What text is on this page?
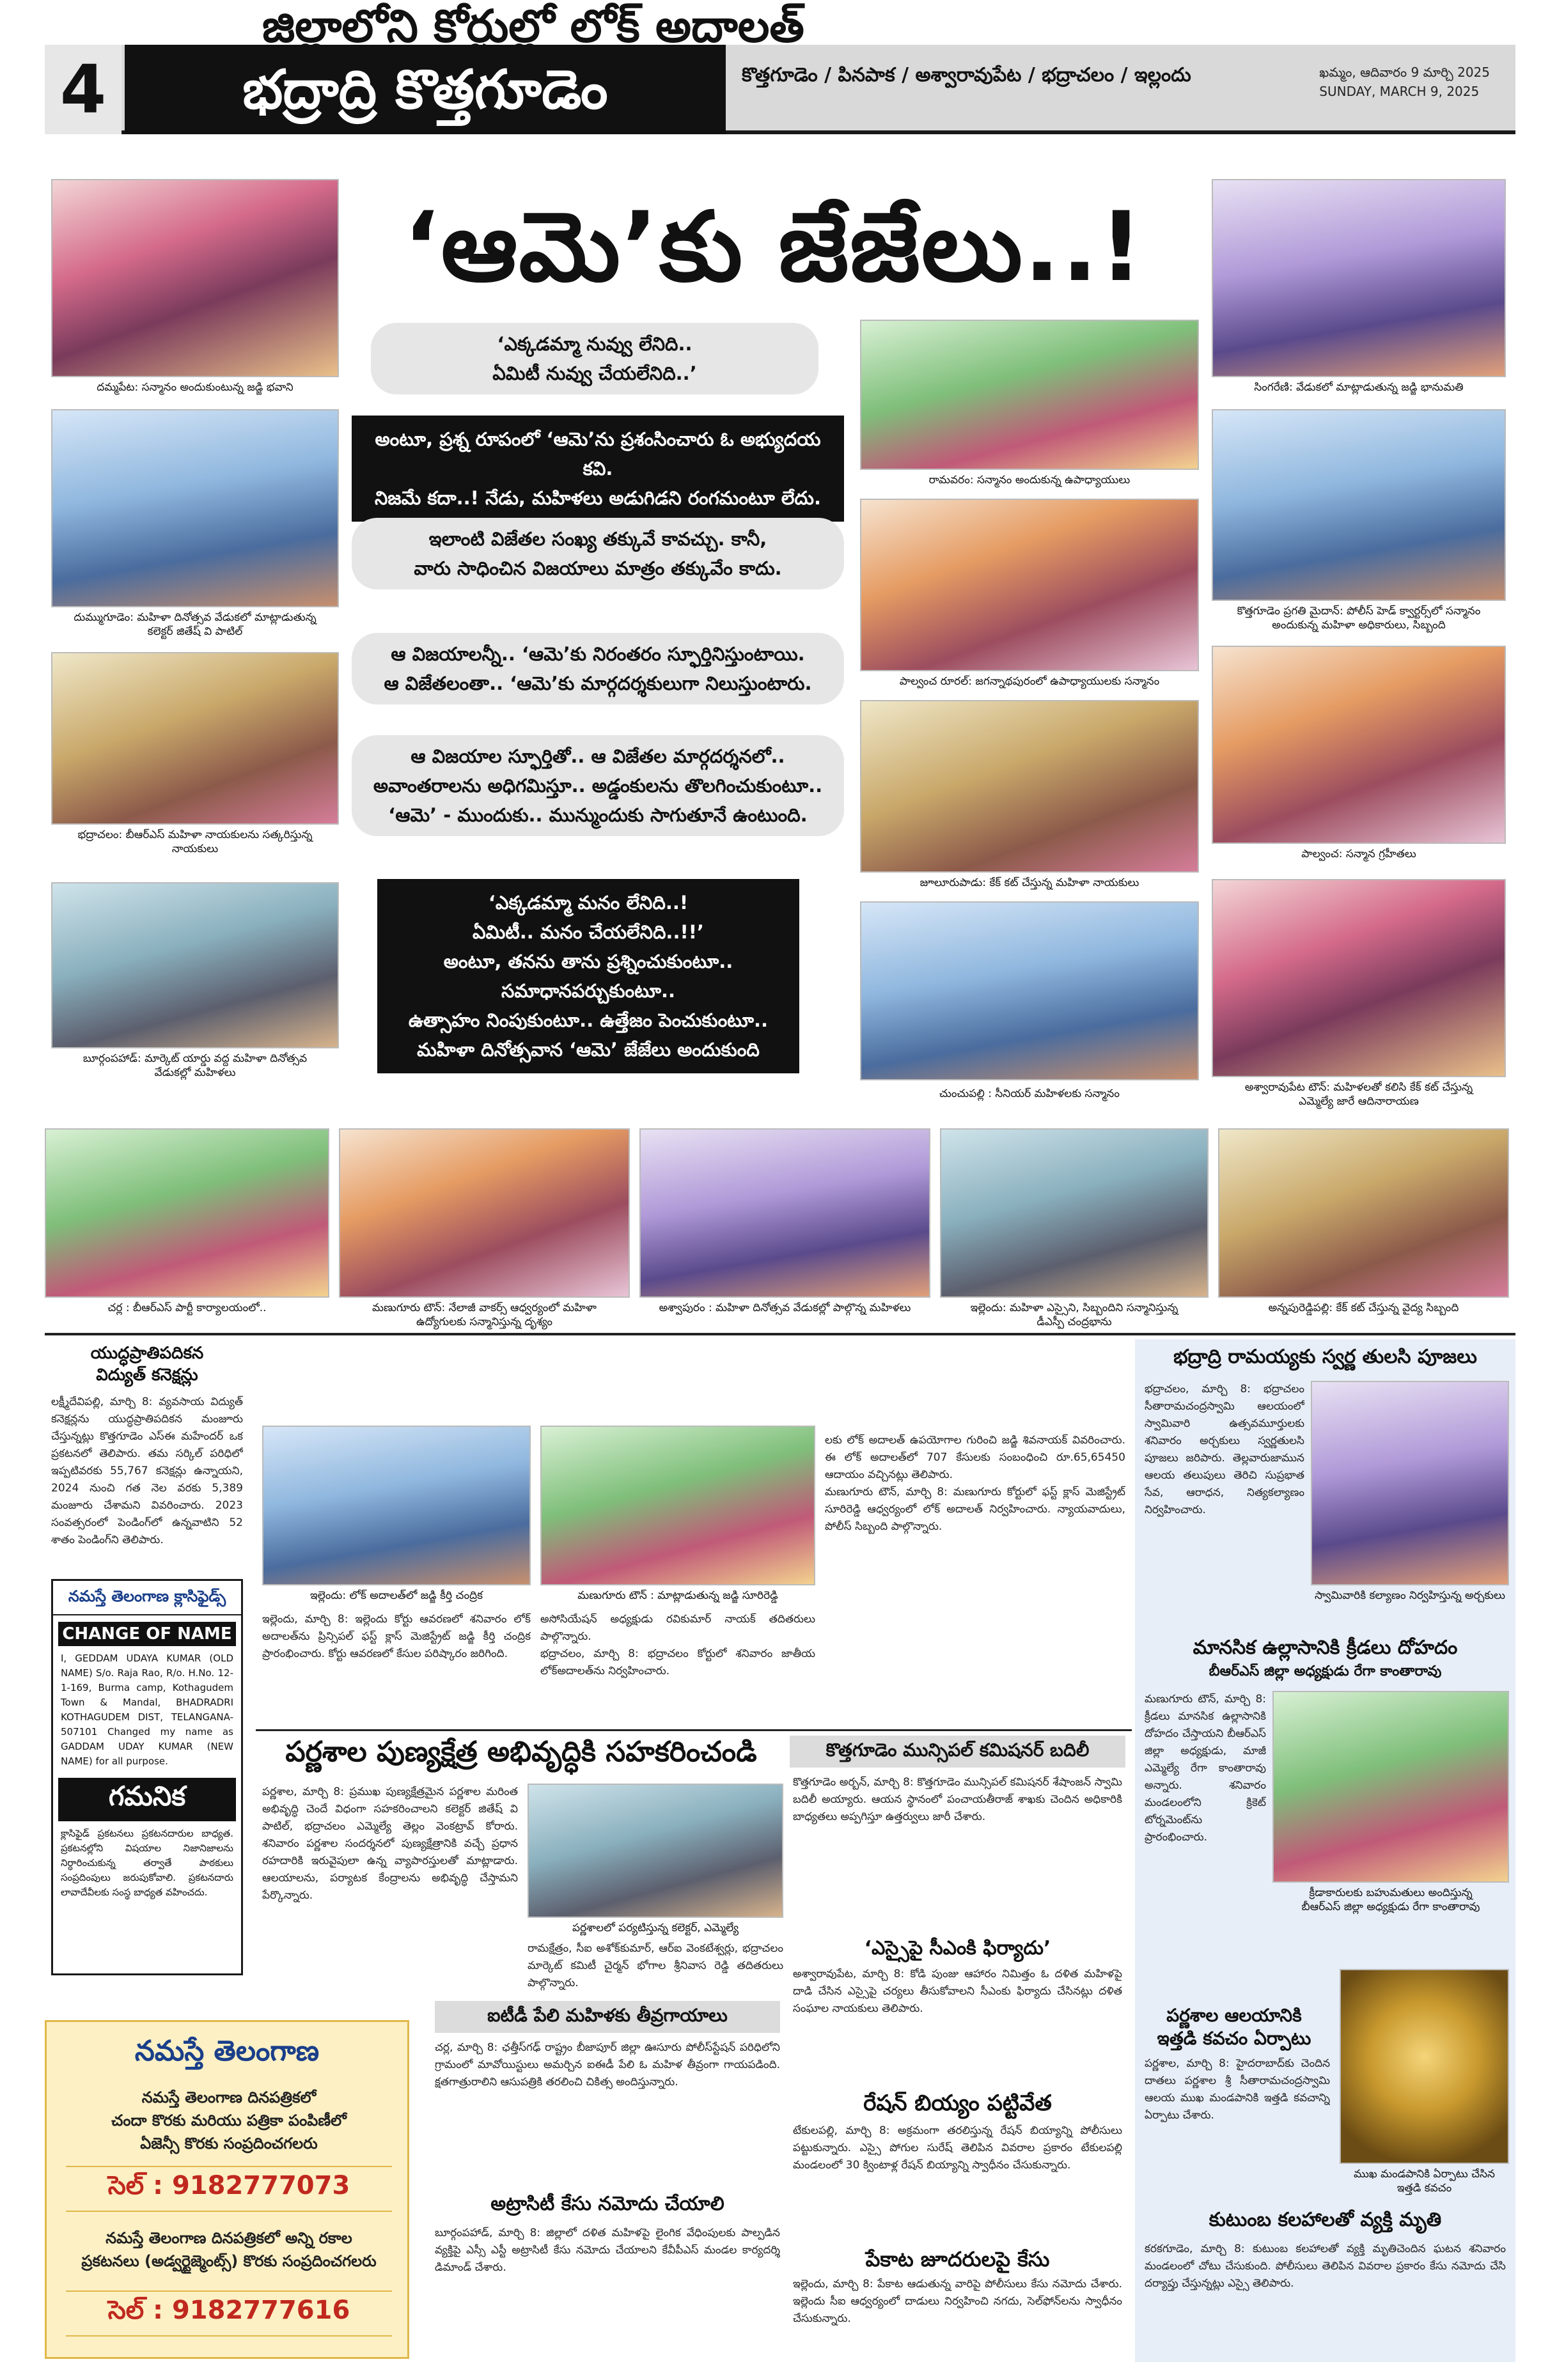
4	భద్రాద్రి కొత్తగూడెం	కొత్తగూడెం / పినపాక / అశ్వారావుపేట / భద్రాచలం / ఇల్లందు	ఖమ్మం, ఆదివారం 9 మార్చి 2025
SUNDAY, MARCH 9, 2025
‘ఆమె’కు జేజేలు..!
‘ఎక్కడమ్మా నువ్వు లేనిది..
ఏమిటీ నువ్వు చేయలేనిది..’
అంటూ, ప్రశ్న రూపంలో ‘ఆమె’ను ప్రశంసించారు ఓ అభ్యుదయ కవి.
నిజమే కదా..! నేడు, మహిళలు అడుగిడని రంగమంటూ లేదు.
ఇలాంటి విజేతల సంఖ్య తక్కువే కావచ్చు. కానీ,
వారు సాధించిన విజయాలు మాత్రం తక్కువేం కాదు.
ఆ విజయాలన్నీ.. ‘ఆమె’కు నిరంతరం స్ఫూర్తినిస్తుంటాయి.
ఆ విజేతలంతా.. ‘ఆమె’కు మార్గదర్శకులుగా నిలుస్తుంటారు.
ఆ విజయాల స్ఫూర్తితో.. ఆ విజేతల మార్గదర్శనలో..
అవాంతరాలను అధిగమిస్తూ.. అడ్డంకులను తొలగించుకుంటూ..
‘ఆమె’ - ముందుకు.. మున్ముందుకు సాగుతూనే ఉంటుంది.
‘ఎక్కడమ్మా మనం లేనిది..!
ఏమిటీ.. మనం చేయలేనిది..!!’
అంటూ, తనను తాను ప్రశ్నించుకుంటూ..
సమాధానపర్చుకుంటూ..
ఉత్సాహం నింపుకుంటూ.. ఉత్తేజం పెంచుకుంటూ..
మహిళా దినోత్సవాన ‘ఆమె’ జేజేలు అందుకుంది
దమ్మపేట: సన్మానం అందుకుంటున్న జడ్జి భవాని
దుమ్ముగూడెం: మహిళా దినోత్సవ వేడుకలో మాట్లాడుతున్న
కలెక్టర్ జితేష్ వి పాటిల్
భద్రాచలం: బీఆర్ఎస్ మహిళా నాయకులను సత్కరిస్తున్న
నాయకులు
బూర్గంపహాడ్: మార్కెట్ యార్డు వద్ద మహిళా దినోత్సవ
వేడుకల్లో మహిళలు
రామవరం: సన్మానం అందుకున్న ఉపాధ్యాయులు
పాల్వంచ రూరల్: జగన్నాథపురంలో ఉపాధ్యాయులకు సన్మానం
జూలూరుపాడు: కేక్ కట్ చేస్తున్న మహిళా నాయకులు
చుంచుపల్లి : సీనియర్ మహిళలకు సన్మానం
సింగరేణి: వేడుకలో మాట్లాడుతున్న జడ్జి భానుమతి
కొత్తగూడెం ప్రగతి మైదాన్: పోలీస్ హెడ్ క్వార్టర్స్‌లో సన్మానం
అందుకున్న మహిళా అధికారులు, సిబ్బంది
పాల్వంచ: సన్మాన గ్రహీతలు
అశ్వారావుపేట టౌన్: మహిళలతో కలిసి కేక్ కట్ చేస్తున్న
ఎమ్మెల్యే జారే ఆదినారాయణ
చర్ల : బీఆర్ఎస్ పార్టీ కార్యాలయంలో..	మణుగూరు టౌన్: నేలాజీ వాకర్స్ ఆధ్వర్యంలో మహిళా
ఉద్యోగులకు సన్మానిస్తున్న దృశ్యం
అశ్వాపురం : మహిళా దినోత్సవ వేడుకల్లో పాల్గొన్న మహిళలు	ఇల్లెందు: మహిళా ఎస్సైని, సిబ్బందిని సన్మానిస్తున్న
డీఎస్పీ చంద్రభాను
అన్నపురెడ్డిపల్లి: కేక్ కట్ చేస్తున్న వైద్య సిబ్బంది
యుద్ధప్రాతిపదికన
విద్యుత్ కనెక్షన్లు
లక్ష్మీదేవిపల్లి, మార్చి 8: వ్యవసాయ విద్యుత్ కనెక్షన్లను యుద్ధప్రాతిపదికన మంజూరు చేస్తున్నట్లు కొత్తగూడెం ఎస్ఈ మహేందర్ ఒక ప్రకటనలో తెలిపారు. తమ సర్కిల్ పరిధిలో ఇప్పటివరకు 55,767 కనెక్షన్లు ఉన్నాయని, 2024 నుంచి గత నెల వరకు 5,389 మంజూరు చేశామని వివరించారు. 2023 సంవత్సరంలో పెండింగ్‌లో ఉన్నవాటిని 52 శాతం పెండింగ్‌ని తెలిపారు.
నమస్తే తెలంగాణ క్లాసిఫైడ్స్
CHANGE OF NAME
I, GEDDAM UDAYA KUMAR (OLD NAME) S/o. Raja Rao, R/o. H.No. 12-1-169, Burma camp, Kothagudem Town & Mandal, BHADRADRI KOTHAGUDEM DIST, TELANGANA-507101 Changed my name as GADDAM UDAY KUMAR (NEW NAME) for all purpose.
గమనిక
క్లాసిఫైడ్ ప్రకటనలు ప్రకటనదారుల బాధ్యత. ప్రకటనల్లోని విషయాల నిజానిజాలను నిర్ధారించుకున్న తర్వాతే పాఠకులు సంప్రదింపులు జరుపుకోవాలి. ప్రకటనదారు లావాదేవీలకు సంస్థ బాధ్యత వహించదు.
నమస్తే తెలంగాణ
నమస్తే తెలంగాణ దినపత్రికలో
చందా కొరకు మరియు పత్రికా పంపిణీలో
ఏజెన్సీ కొరకు సంప్రదించగలరు
సెల్ : 9182777073
నమస్తే తెలంగాణ దినపత్రికలో అన్ని రకాల
ప్రకటనలు (అడ్వర్టైజ్మెంట్స్) కొరకు సంప్రదించగలరు
సెల్ : 9182777616
జిల్లాలోని కోర్టుల్లో లోక్ అదాలత్
ఇల్లెందు: లోక్ అదాలత్‌లో జడ్జి కీర్తి చంద్రిక	మణుగూరు టౌన్ : మాట్లాడుతున్న జడ్జి సూరిరెడ్డి
ఇల్లెందు, మార్చి 8: ఇల్లెందు కోర్టు ఆవరణలో శనివారం లోక్ అదాలత్‌ను ప్రిన్సిపల్ ఫస్ట్ క్లాస్ మెజిస్ట్రేట్ జడ్జి కీర్తి చంద్రిక ప్రారంభించారు. కోర్టు ఆవరణలో కేసుల పరిష్కారం జరిగింది.
అసోసియేషన్ అధ్యక్షుడు రవికుమార్ నాయక్ తదితరులు పాల్గొన్నారు.
భద్రాచలం, మార్చి 8: భద్రాచలం కోర్టులో శనివారం జాతీయ లోక్‌అదాలత్‌ను నిర్వహించారు.
లకు లోక్ అదాలత్ ఉపయోగాల గురించి జడ్జి శివనాయక్ వివరించారు. ఈ లోక్ అదాలత్‌లో 707 కేసులకు సంబంధించి రూ.65,65450 ఆదాయం వచ్చినట్లు తెలిపారు.
మణుగూరు టౌన్, మార్చి 8: మణుగూరు కోర్టులో ఫస్ట్ క్లాస్ మెజిస్ట్రేట్ సూరిరెడ్డి ఆధ్వర్యంలో లోక్ అదాలత్ నిర్వహించారు. న్యాయవాదులు, పోలీస్ సిబ్బంది పాల్గొన్నారు.
పర్ణశాల పుణ్యక్షేత్ర అభివృద్ధికి సహకరించండి
పర్ణశాల, మార్చి 8: ప్రముఖ పుణ్యక్షేత్రమైన పర్ణశాల మరింత అభివృద్ధి చెందే విధంగా సహకరించాలని కలెక్టర్ జితేష్ వి పాటిల్, భద్రాచలం ఎమ్మెల్యే తెల్లం వెంకట్రావ్ కోరారు. శనివారం పర్ణశాల సందర్శనలో పుణ్యక్షేత్రానికి వచ్చే ప్రధాన రహదారికి ఇరువైపులా ఉన్న వ్యాపారస్తులతో మాట్లాడారు. ఆలయాలను, పర్యాటక కేంద్రాలను అభివృద్ధి చేస్తామని పేర్కొన్నారు.
పర్ణశాలలో పర్యటిస్తున్న కలెక్టర్, ఎమ్మెల్యే
రామక్షేత్రం, సీఐ అశోక్‌కుమార్, ఆర్ఐ వెంకటేశ్వర్లు, భద్రాచలం మార్కెట్ కమిటీ చైర్మన్ భోగాల శ్రీనివాస రెడ్డి తదితరులు పాల్గొన్నారు.
ఐటీడీ పేలి మహిళకు తీవ్రగాయాలు
చర్ల, మార్చి 8: ఛత్తీస్‌గఢ్ రాష్ట్రం బీజాపూర్ జిల్లా ఊసూరు పోలీస్‌స్టేషన్ పరిధిలోని గ్రామంలో మావోయిస్టులు అమర్చిన ఐఈడీ పేలి ఓ మహిళ తీవ్రంగా గాయపడింది. క్షతగాత్రురాలిని ఆసుపత్రికి తరలించి చికిత్స అందిస్తున్నారు.
అట్రాసిటీ కేసు నమోదు చేయాలి
బూర్గంపహాడ్, మార్చి 8: జిల్లాలో దళిత మహిళపై లైంగిక వేధింపులకు పాల్పడిన వ్యక్తిపై ఎస్సీ ఎస్టీ అట్రాసిటీ కేసు నమోదు చేయాలని కేవీపీఎస్ మండల కార్యదర్శి డిమాండ్ చేశారు.
కొత్తగూడెం మున్సిపల్ కమిషనర్ బదిలీ
కొత్తగూడెం అర్బన్, మార్చి 8: కొత్తగూడెం మున్సిపల్ కమిషనర్ శేషాంజన్ స్వామి బదిలీ అయ్యారు. ఆయన స్థానంలో పంచాయతీరాజ్ శాఖకు చెందిన అధికారికి బాధ్యతలు అప్పగిస్తూ ఉత్తర్వులు జారీ చేశారు.
‘ఎస్సైపై సీఎంకి ఫిర్యాదు’
అశ్వారావుపేట, మార్చి 8: కోడి పుంజు ఆహారం నిమిత్తం ఓ దళిత మహిళపై దాడి చేసిన ఎస్సైపై చర్యలు తీసుకోవాలని సీఎంకు ఫిర్యాదు చేసినట్లు దళిత సంఘాల నాయకులు తెలిపారు.
రేషన్ బియ్యం పట్టివేత
టేకులపల్లి, మార్చి 8: అక్రమంగా తరలిస్తున్న రేషన్ బియ్యాన్ని పోలీసులు పట్టుకున్నారు. ఎస్సై పోగుల సురేష్ తెలిపిన వివరాల ప్రకారం టేకులపల్లి మండలంలో 30 క్వింటాళ్ల రేషన్ బియ్యాన్ని స్వాధీనం చేసుకున్నారు.
పేకాట జూదరులపై కేసు
ఇల్లెందు, మార్చి 8: పేకాట ఆడుతున్న వారిపై పోలీసులు కేసు నమోదు చేశారు. ఇల్లెందు సీఐ ఆధ్వర్యంలో దాడులు నిర్వహించి నగదు, సెల్‌ఫోన్‌లను స్వాధీనం చేసుకున్నారు.
భద్రాద్రి రామయ్యకు స్వర్ణ తులసి పూజలు
భద్రాచలం, మార్చి 8: భద్రాచలం సీతారామచంద్రస్వామి ఆలయంలో స్వామివారి ఉత్సవమూర్తులకు శనివారం అర్చకులు స్వర్ణతులసి పూజలు జరిపారు. తెల్లవారుజామున ఆలయ తలుపులు తెరిచి సుప్రభాత సేవ, ఆరాధన, నిత్యకల్యాణం నిర్వహించారు.
స్వామివారికి కల్యాణం నిర్వహిస్తున్న అర్చకులు
మానసిక ఉల్లాసానికి క్రీడలు దోహదం
బీఆర్ఎస్ జిల్లా అధ్యక్షుడు రేగా కాంతారావు
మణుగూరు టౌన్, మార్చి 8: క్రీడలు మానసిక ఉల్లాసానికి దోహదం చేస్తాయని బీఆర్ఎస్ జిల్లా అధ్యక్షుడు, మాజీ ఎమ్మెల్యే రేగా కాంతారావు అన్నారు. శనివారం మండలంలోని క్రికెట్ టోర్నమెంట్‌ను ప్రారంభించారు.
క్రీడాకారులకు బహుమతులు అందిస్తున్న
బీఆర్ఎస్ జిల్లా అధ్యక్షుడు రేగా కాంతారావు
పర్ణశాల ఆలయానికి
ఇత్తడి కవచం ఏర్పాటు
పర్ణశాల, మార్చి 8: హైదరాబాద్‌కు చెందిన దాతలు పర్ణశాల శ్రీ సీతారామచంద్రస్వామి ఆలయ ముఖ మండపానికి ఇత్తడి కవచాన్ని ఏర్పాటు చేశారు.
ముఖ మండపానికి ఏర్పాటు చేసిన
ఇత్తడి కవచం
కుటుంబ కలహాలతో వ్యక్తి మృతి
కరకగూడెం, మార్చి 8: కుటుంబ కలహాలతో వ్యక్తి మృతిచెందిన ఘటన శనివారం మండలంలో చోటు చేసుకుంది. పోలీసులు తెలిపిన వివరాల ప్రకారం కేసు నమోదు చేసి దర్యాప్తు చేస్తున్నట్లు ఎస్సై తెలిపారు.
